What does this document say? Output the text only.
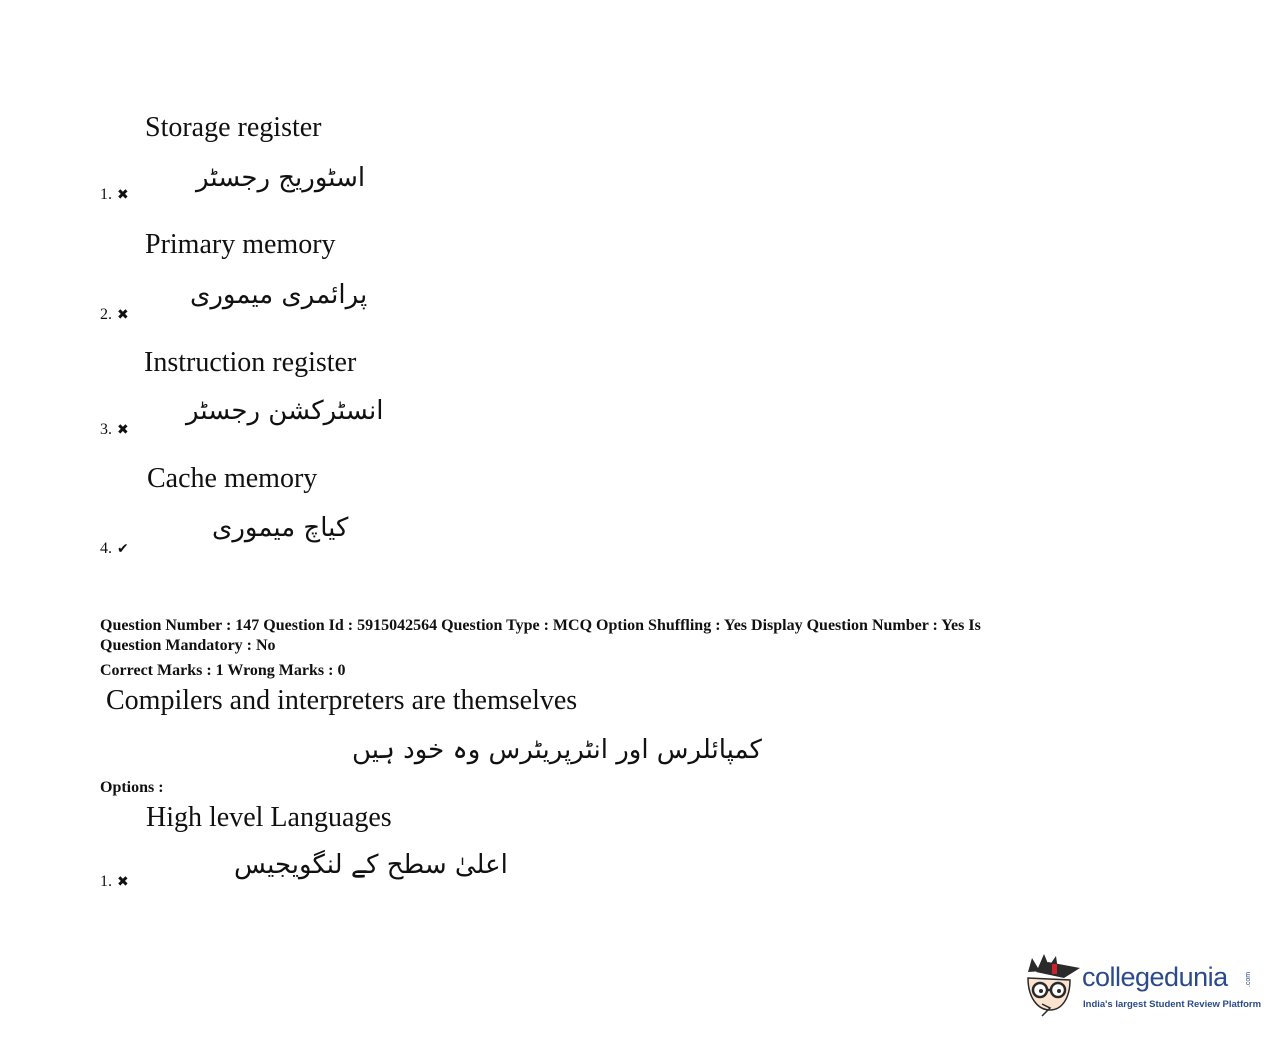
Storage register
اسٹوریج رجسٹر
1. ✖
Primary memory
پرائمری میموری
2. ✖
Instruction register
انسٹرکشن رجسٹر
3. ✖
Cache memory
کیاچ میموری
4. ✔
Question Number : 147 Question Id : 5915042564 Question Type : MCQ Option Shuffling : Yes Display Question Number : Yes Is
Question Mandatory : No
Correct Marks : 1 Wrong Marks : 0
Compilers and interpreters are themselves
کمپائلرس اور انٹرپریٹرس وہ خود ہیں
Options :
High level Languages
اعلیٰ سطح کے لنگویجیس
1. ✖
collegedunia .com
India's largest Student Review Platform
